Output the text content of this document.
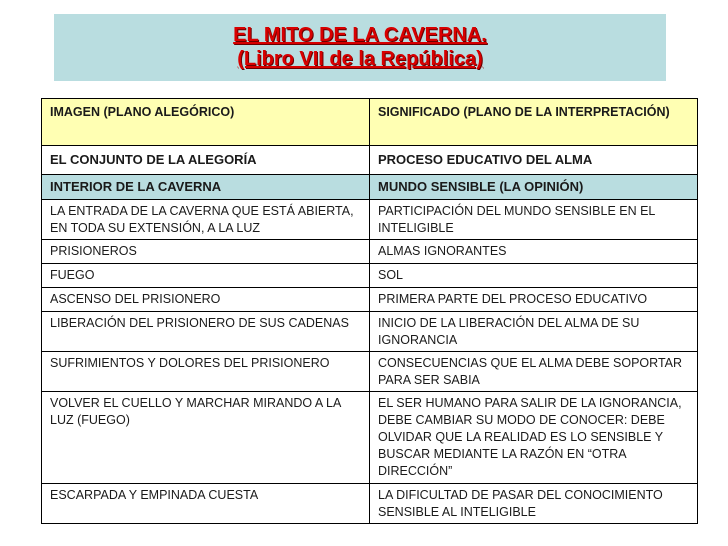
EL MITO DE LA CAVERNA.
(Libro VII de la República)
IMAGEN (PLANO ALEGÓRICO)	SIGNIFICADO (PLANO DE LA INTERPRETACIÓN)
EL CONJUNTO DE LA ALEGORÍA	PROCESO EDUCATIVO DEL ALMA
INTERIOR DE LA CAVERNA	MUNDO SENSIBLE (LA OPINIÓN)
LA ENTRADA DE LA CAVERNA QUE ESTÁ ABIERTA, EN TODA SU EXTENSIÓN, A LA LUZ	PARTICIPACIÓN DEL MUNDO SENSIBLE EN EL INTELIGIBLE
PRISIONEROS	ALMAS IGNORANTES
FUEGO	SOL
ASCENSO DEL PRISIONERO	PRIMERA PARTE DEL PROCESO EDUCATIVO
LIBERACIÓN DEL PRISIONERO DE SUS CADENAS	INICIO DE LA LIBERACIÓN DEL ALMA DE SU IGNORANCIA
SUFRIMIENTOS Y DOLORES DEL PRISIONERO	CONSECUENCIAS QUE EL ALMA DEBE SOPORTAR PARA SER SABIA
VOLVER EL CUELLO Y MARCHAR MIRANDO A LA LUZ (FUEGO)	EL SER HUMANO PARA SALIR DE LA IGNORANCIA, DEBE CAMBIAR SU MODO DE CONOCER: DEBE OLVIDAR QUE LA REALIDAD ES LO SENSIBLE Y BUSCAR MEDIANTE LA RAZÓN EN “OTRA DIRECCIÓN”
ESCARPADA Y EMPINADA CUESTA	LA DIFICULTAD DE PASAR DEL CONOCIMIENTO SENSIBLE AL INTELIGIBLE
